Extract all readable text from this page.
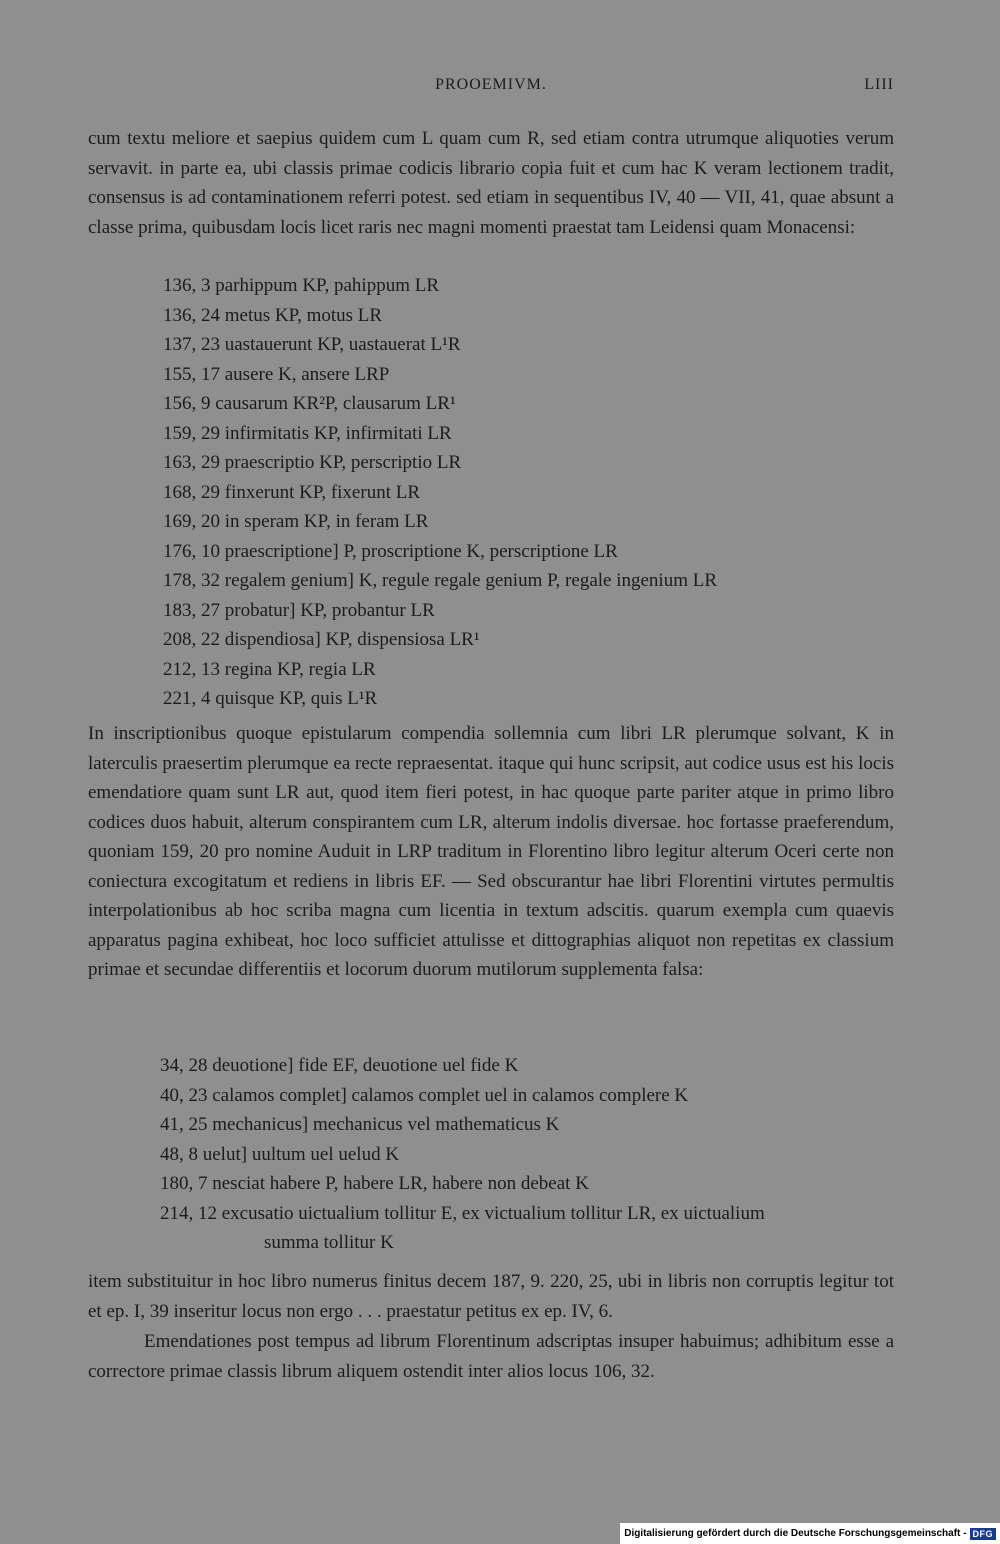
PROOEMIVM.	LIII
cum textu meliore et saepius quidem cum L quam cum R, sed etiam contra utrumque aliquoties verum servavit. in parte ea, ubi classis primae codicis librario copia fuit et cum hac K veram lectionem tradit, consensus is ad contaminationem referri potest. sed etiam in sequentibus IV, 40 — VII, 41, quae absunt a classe prima, quibusdam locis licet raris nec magni momenti praestat tam Leidensi quam Monacensi:
136, 3 parhippum KP, pahippum LR
136, 24 metus KP, motus LR
137, 23 uastauerunt KP, uastauerat L¹R
155, 17 ausere K, ansere LRP
156, 9 causarum KR²P, clausarum LR¹
159, 29 infirmitatis KP, infirmitati LR
163, 29 praescriptio KP, perscriptio LR
168, 29 finxerunt KP, fixerunt LR
169, 20 in speram KP, in feram LR
176, 10 praescriptione] P, proscriptione K, perscriptione LR
178, 32 regalem genium] K, regule regale genium P, regale ingenium LR
183, 27 probatur] KP, probantur LR
208, 22 dispendiosa] KP, dispensiosa LR¹
212, 13 regina KP, regia LR
221, 4 quisque KP, quis L¹R
In inscriptionibus quoque epistularum compendia sollemnia cum libri LR plerumque solvant, K in laterculis praesertim plerumque ea recte repraesentat. itaque qui hunc scripsit, aut codice usus est his locis emendatiore quam sunt LR aut, quod item fieri potest, in hac quoque parte pariter atque in primo libro codices duos habuit, alterum conspirantem cum LR, alterum indolis diversae. hoc fortasse praeferendum, quoniam 159, 20 pro nomine Auduit in LRP traditum in Florentino libro legitur alterum Oceri certe non coniectura excogitatum et rediens in libris EF. — Sed obscurantur hae libri Florentini virtutes permultis interpolationibus ab hoc scriba magna cum licentia in textum adscitis. quarum exempla cum quaevis apparatus pagina exhibeat, hoc loco sufficiet attulisse et dittographias aliquot non repetitas ex classium primae et secundae differentiis et locorum duorum mutilorum supplementa falsa:
34, 28 deuotione] fide EF, deuotione uel fide K
40, 23 calamos complet] calamos complet uel in calamos complere K
41, 25 mechanicus] mechanicus vel mathematicus K
48, 8 uelut] uultum uel uelud K
180, 7 nesciat habere P, habere LR, habere non debeat K
214, 12 excusatio uictualium tollitur E, ex victualium tollitur LR, ex uictualium
summa tollitur K
item substituitur in hoc libro numerus finitus decem 187, 9. 220, 25, ubi in libris non corruptis legitur tot et ep. I, 39 inseritur locus non ergo . . . praestatur petitus ex ep. IV, 6.
Emendationes post tempus ad librum Florentinum adscriptas insuper habuimus; adhibitum esse a correctore primae classis librum aliquem ostendit inter alios locus 106, 32.
Digitalisierung gefördert durch die Deutsche Forschungsgemeinschaft - DFG
